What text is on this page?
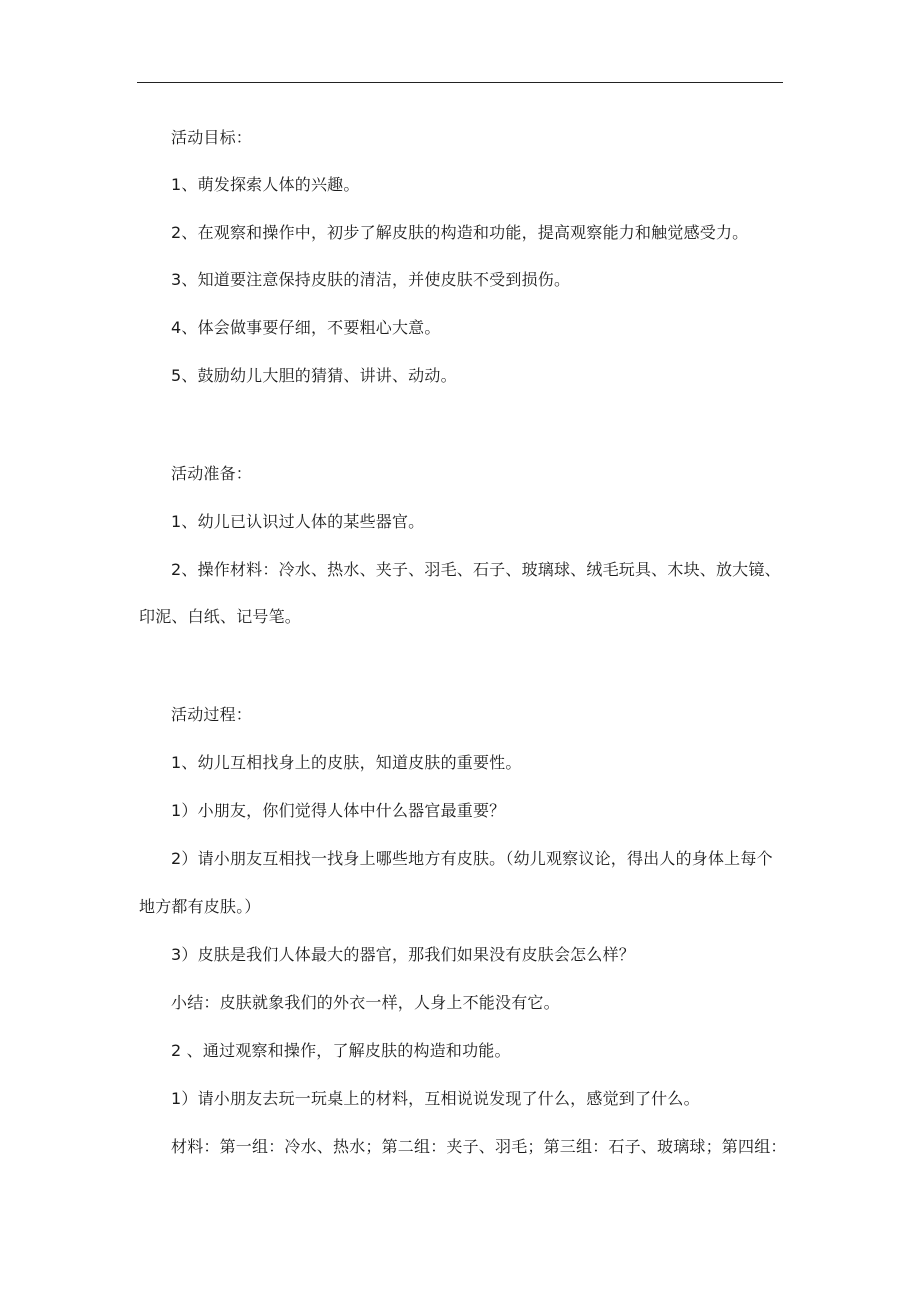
活动目标：
1、萌发探索人体的兴趣。
2、在观察和操作中，初步了解皮肤的构造和功能，提高观察能力和触觉感受力。
3、知道要注意保持皮肤的清洁，并使皮肤不受到损伤。
4、体会做事要仔细，不要粗心大意。
5、鼓励幼儿大胆的猜猜、讲讲、动动。
活动准备：
1、幼儿已认识过人体的某些器官。
2、操作材料：冷水、热水、夹子、羽毛、石子、玻璃球、绒毛玩具、木块、放大镜、
印泥、白纸、记号笔。
活动过程：
1、幼儿互相找身上的皮肤，知道皮肤的重要性。
1）小朋友，你们觉得人体中什么器官最重要？
2）请小朋友互相找一找身上哪些地方有皮肤。（幼儿观察议论，得出人的身体上每个
地方都有皮肤。）
3）皮肤是我们人体最大的器官，那我们如果没有皮肤会怎么样？
小结：皮肤就象我们的外衣一样，人身上不能没有它。
2 、通过观察和操作，了解皮肤的构造和功能。
1）请小朋友去玩一玩桌上的材料，互相说说发现了什么，感觉到了什么。
材料：第一组：冷水、热水；第二组：夹子、羽毛；第三组：石子、玻璃球；第四组：
